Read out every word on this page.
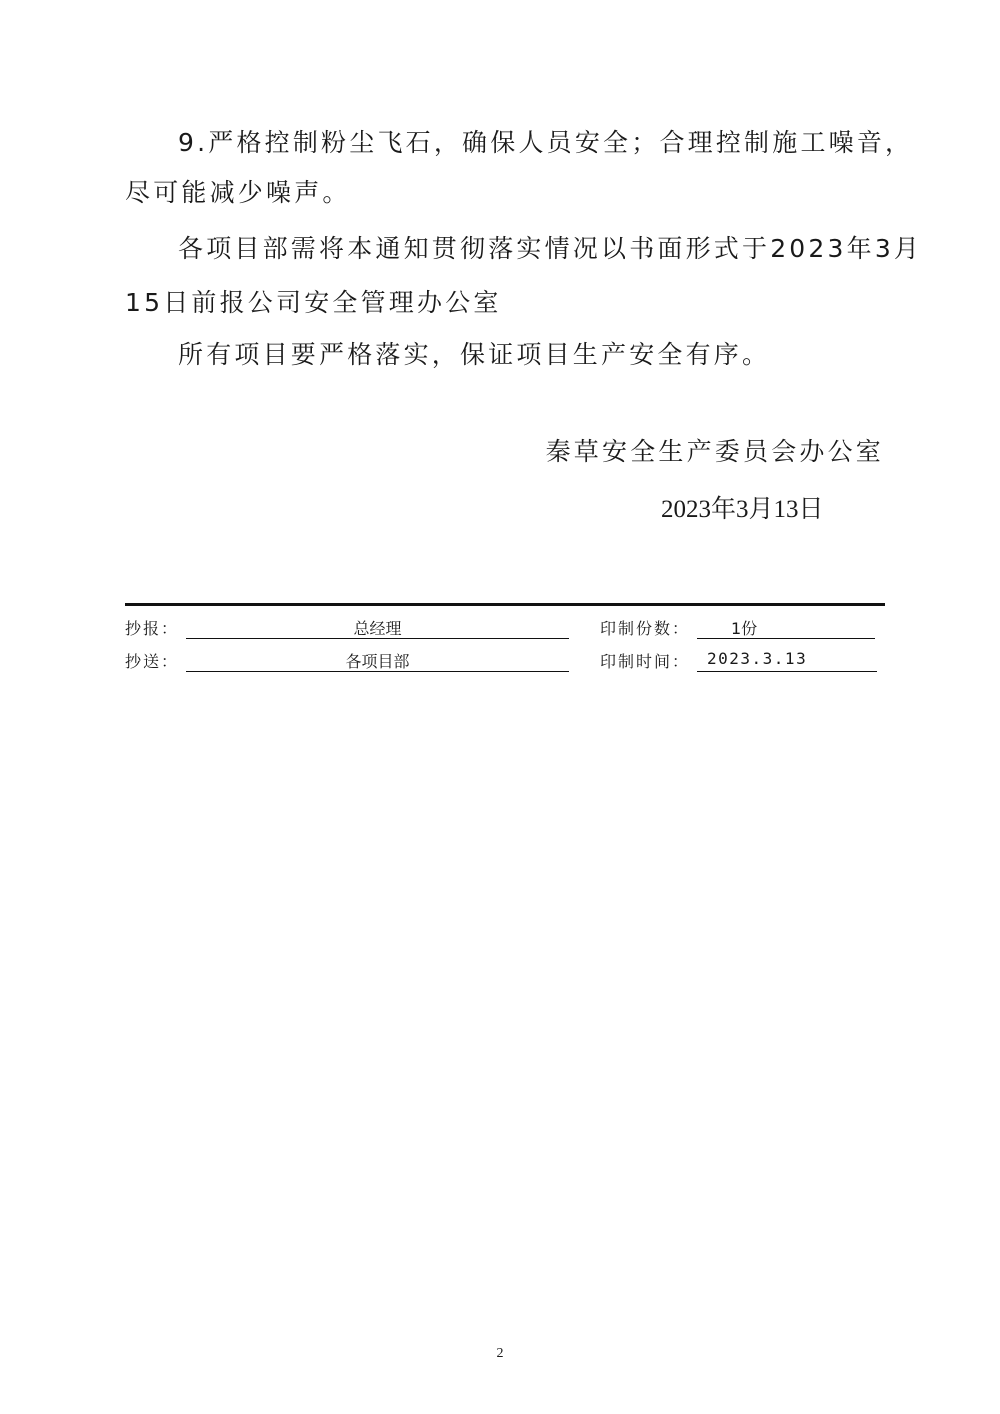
9.严格控制粉尘飞石，确保人员安全；合理控制施工噪音，

尽可能减少噪声。

各项目部需将本通知贯彻落实情况以书面形式于2023年3月

15日前报公司安全管理办公室

所有项目要严格落实，保证项目生产安全有序。

秦草安全生产委员会办公室
2023年3月13日
抄报：	总经理	印制份数：	1份
抄送：	各项目部	印制时间：	2023.3.13
2
